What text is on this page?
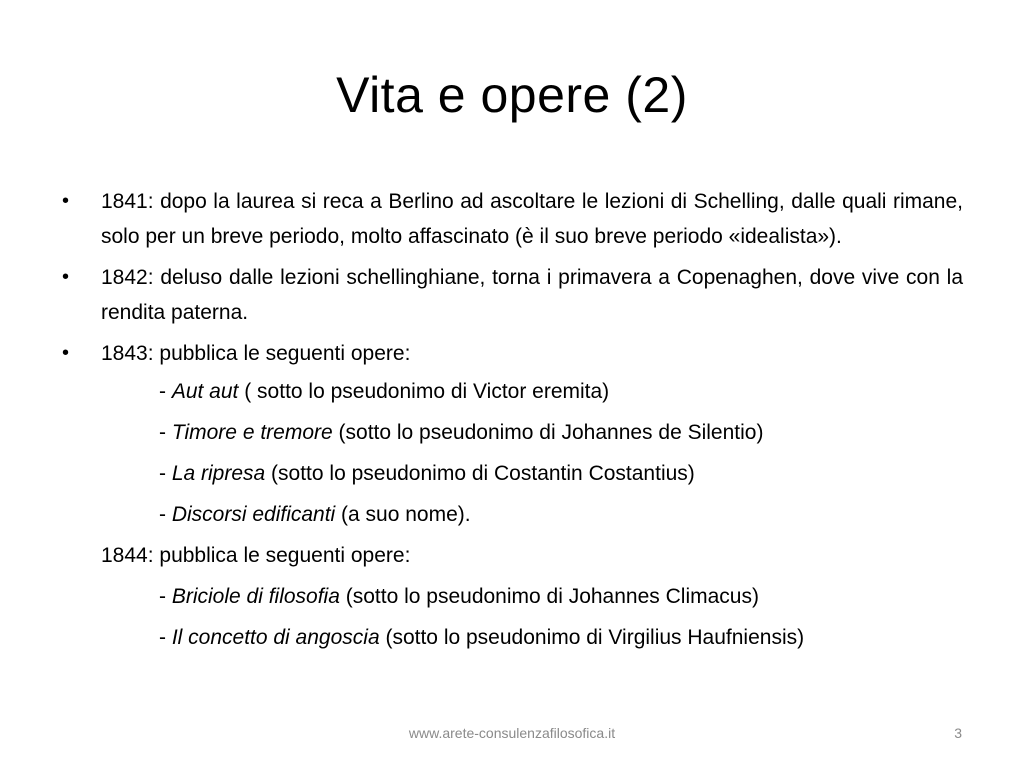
Vita e opere (2)
•	1841: dopo la laurea si reca a Berlino ad ascoltare le lezioni di Schelling, dalle quali rimane, solo per un breve periodo, molto affascinato (è il suo breve periodo «idealista»).
•	1842: deluso dalle lezioni schellinghiane, torna i primavera a Copenaghen, dove vive con la rendita paterna.
•	1843: pubblica le seguenti opere:
- Aut aut ( sotto lo pseudonimo di Victor eremita)
- Timore e tremore (sotto lo pseudonimo di Johannes de Silentio)
- La ripresa (sotto lo pseudonimo di Costantin Costantius)
- Discorsi edificanti (a suo nome).
1844: pubblica le seguenti opere:
- Briciole di filosofia (sotto lo pseudonimo di Johannes Climacus)
- Il concetto di angoscia (sotto lo pseudonimo di Virgilius Haufniensis)
www.arete-consulenzafilosofica.it	3
